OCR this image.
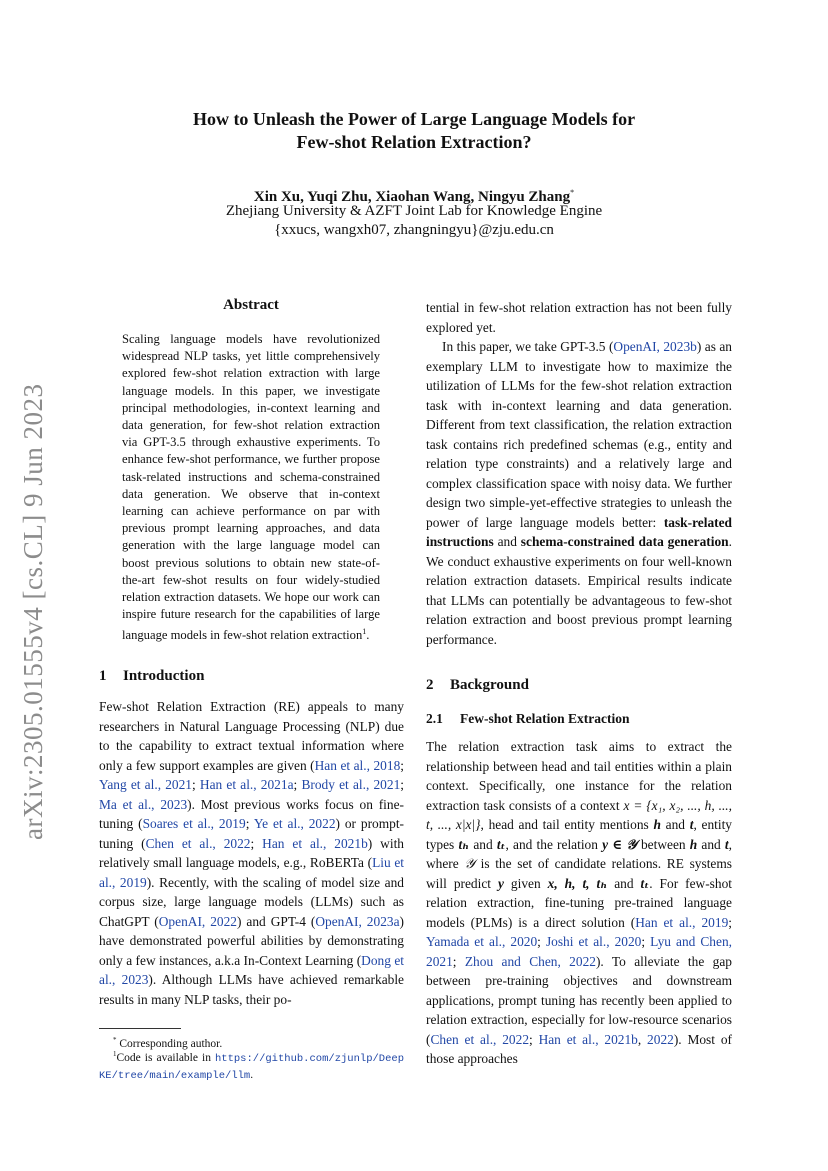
arXiv:2305.01555v4 [cs.CL] 9 Jun 2023
How to Unleash the Power of Large Language Models for
Few-shot Relation Extraction?
Xin Xu, Yuqi Zhu, Xiaohan Wang, Ningyu Zhang*
Zhejiang University & AZFT Joint Lab for Knowledge Engine
{xxucs, wangxh07, zhangningyu}@zju.edu.cn
Abstract
Scaling language models have revolutionized widespread NLP tasks, yet little comprehensively explored few-shot relation extraction with large language models. In this paper, we investigate principal methodologies, in-context learning and data generation, for few-shot relation extraction via GPT-3.5 through exhaustive experiments. To enhance few-shot performance, we further propose task-related instructions and schema-constrained data generation. We observe that in-context learning can achieve performance on par with previous prompt learning approaches, and data generation with the large language model can boost previous solutions to obtain new state-of-the-art few-shot results on four widely-studied relation extraction datasets. We hope our work can inspire future research for the capabilities of large language models in few-shot relation extraction$^1$.
1 Introduction

Few-shot Relation Extraction (RE) appeals to many researchers in Natural Language Processing (NLP) due to the capability to extract textual information where only a few support examples are given (Han et al., 2018; Yang et al., 2021; Han et al., 2021a; Brody et al., 2021; Ma et al., 2023). Most previous works focus on fine-tuning (Soares et al., 2019; Ye et al., 2022) or prompt-tuning (Chen et al., 2022; Han et al., 2021b) with relatively small language models, e.g., RoBERTa (Liu et al., 2019). Recently, with the scaling of model size and corpus size, large language models (LLMs) such as ChatGPT (OpenAI, 2022) and GPT-4 (OpenAI, 2023a) have demonstrated powerful abilities by demonstrating only a few instances, a.k.a In-Context Learning (Dong et al., 2023). Although LLMs have achieved remarkable results in many NLP tasks, their po-

* Corresponding author.
$^1$Code is available in https://github.com/zjunlp/DeepKE/tree/main/example/llm.

tential in few-shot relation extraction has not been fully explored yet.

In this paper, we take GPT-3.5 (OpenAI, 2023b) as an exemplary LLM to investigate how to maximize the utilization of LLMs for the few-shot relation extraction task with in-context learning and data generation. Different from text classification, the relation extraction task contains rich predefined schemas (e.g., entity and relation type constraints) and a relatively large and complex classification space with noisy data. We further design two simple-yet-effective strategies to unleash the power of large language models better: task-related instructions and schema-constrained data generation. We conduct exhaustive experiments on four well-known relation extraction datasets. Empirical results indicate that LLMs can potentially be advantageous to few-shot relation extraction and boost previous prompt learning performance.

2 Background
2.1 Few-shot Relation Extraction

The relation extraction task aims to extract the relationship between head and tail entities within a plain context. Specifically, one instance for the relation extraction task consists of a context x = {x₁, x₂, ..., h, ..., t, ..., x|x|}, head and tail entity mentions h and t, entity types tₕ and tₜ, and the relation y ∈ 𝒴 between h and t, where 𝒴 is the set of candidate relations. RE systems will predict y given x, h, t, tₕ and tₜ. For few-shot relation extraction, fine-tuning pre-trained language models (PLMs) is a direct solution (Han et al., 2019; Yamada et al., 2020; Joshi et al., 2020; Lyu and Chen, 2021; Zhou and Chen, 2022). To alleviate the gap between pre-training objectives and downstream applications, prompt tuning has recently been applied to relation extraction, especially for low-resource scenarios (Chen et al., 2022; Han et al., 2021b, 2022). Most of those approaches
